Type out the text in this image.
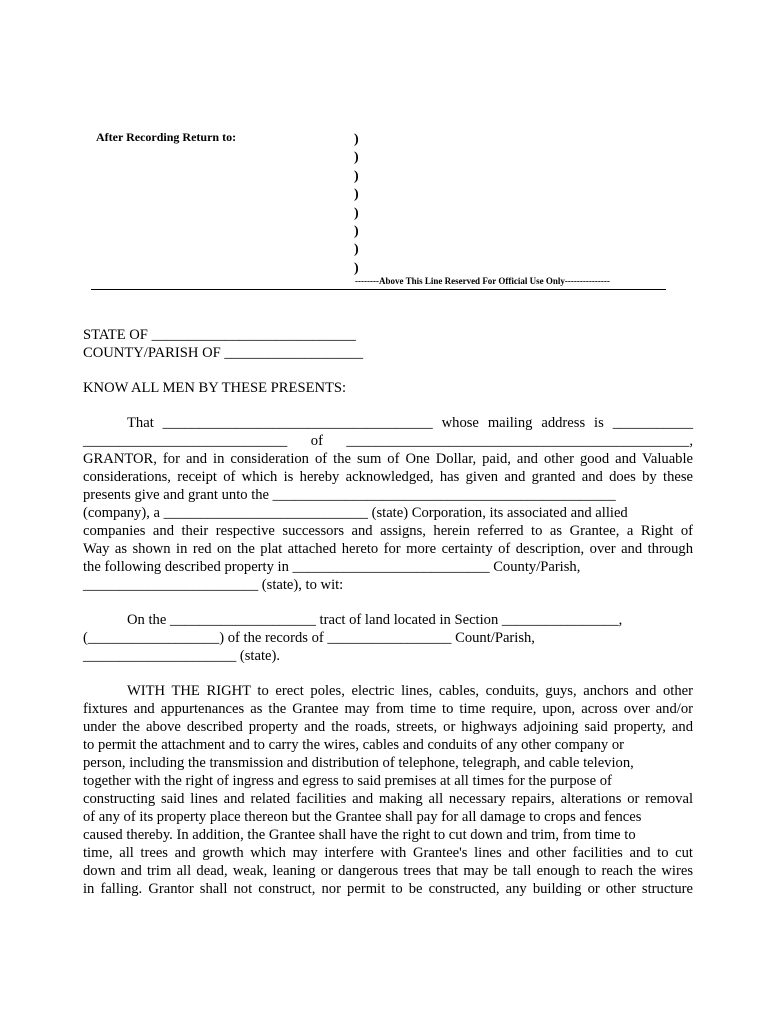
After Recording Return to:	)
)
)
)
)
)
)
)
--------Above This Line Reserved For Official Use Only---------------
STATE OF ____________________________
COUNTY/PARISH OF ___________________
KNOW ALL MEN BY THESE PRESENTS:

That _____________________________________ whose mailing address is ___________
____________________________ of _______________________________________________,
GRANTOR, for and in consideration of the sum of One Dollar, paid, and other good and Valuable
considerations, receipt of which is hereby acknowledged, has given and granted and does by these
presents give and grant unto the _______________________________________________
(company), a ____________________________ (state) Corporation, its associated and allied
companies and their respective successors and assigns, herein referred to as Grantee, a Right of
Way as shown in red on the plat attached hereto for more certainty of description, over and through
the following described property in ___________________________ County/Parish,
________________________ (state), to wit:

On the ____________________ tract of land located in Section ________________,
(__________________) of the records of _________________ Count/Parish,
_____________________ (state).

WITH THE RIGHT to erect poles, electric lines, cables, conduits, guys, anchors and other
fixtures and appurtenances as the Grantee may from time to time require, upon, across over and/or
under the above described property and the roads, streets, or highways adjoining said property, and
to permit the attachment and to carry the wires, cables and conduits of any other company or
person, including the transmission and distribution of telephone, telegraph, and cable televion,
together with the right of ingress and egress to said premises at all times for the purpose of
constructing said lines and related facilities and making all necessary repairs, alterations or removal
of any of its property place thereon but the Grantee shall pay for all damage to crops and fences
caused thereby. In addition, the Grantee shall have the right to cut down and trim, from time to
time, all trees and growth which may interfere with Grantee's lines and other facilities and to cut
down and trim all dead, weak, leaning or dangerous trees that may be tall enough to reach the wires
in falling. Grantor shall not construct, nor permit to be constructed, any building or other structure
